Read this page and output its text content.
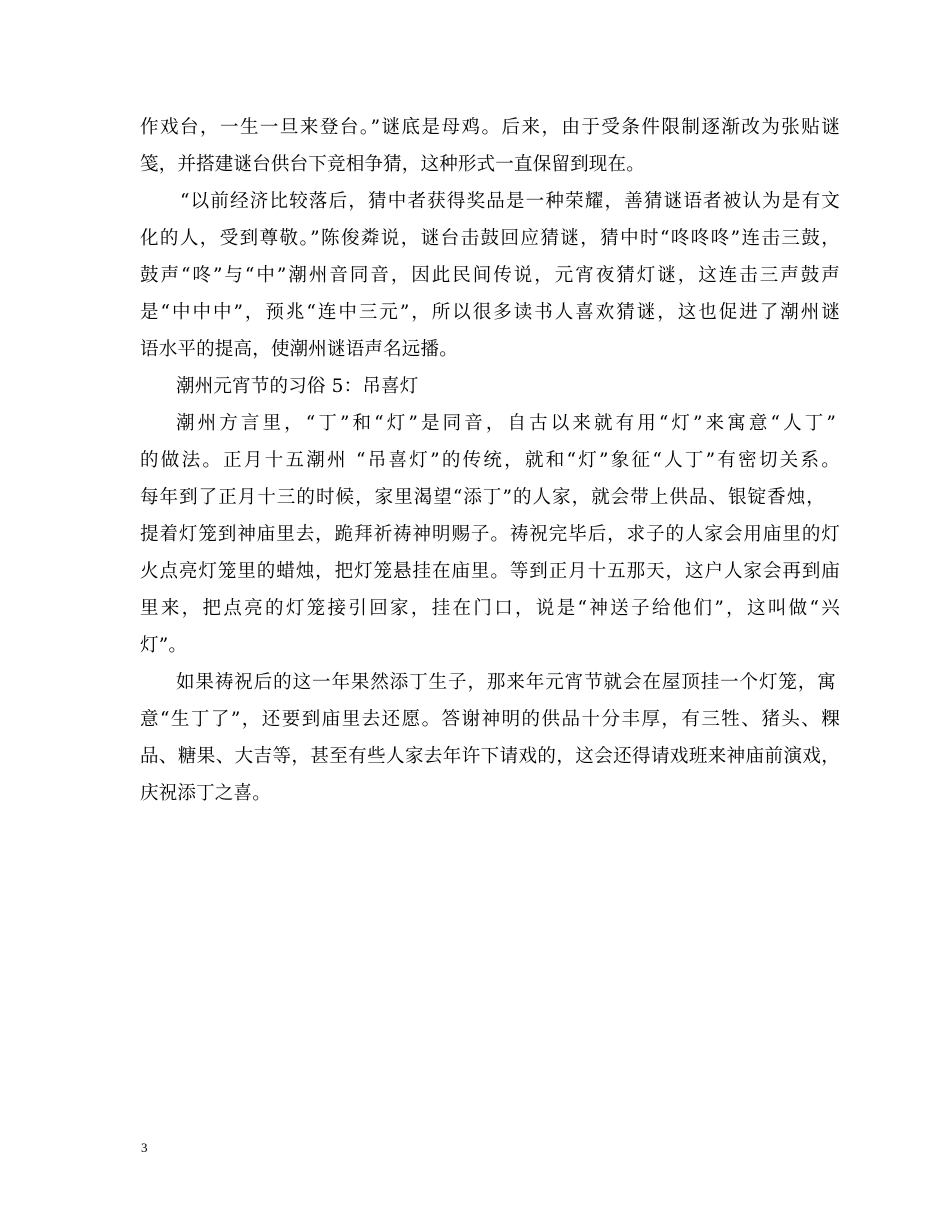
作戏台，一生一旦来登台。”谜底是母鸡。后来，由于受条件限制逐渐改为张贴谜
笺，并搭建谜台供台下竞相争猜，这种形式一直保留到现在。
“以前经济比较落后，猜中者获得奖品是一种荣耀，善猜谜语者被认为是有文
化的人，受到尊敬。”陈俊粦说，谜台击鼓回应猜谜，猜中时“咚咚咚”连击三鼓，
鼓声“咚”与“中”潮州音同音，因此民间传说，元宵夜猜灯谜，这连击三声鼓声
是“中中中”，预兆“连中三元”，所以很多读书人喜欢猜谜，这也促进了潮州谜
语水平的提高，使潮州谜语声名远播。
潮州元宵节的习俗 5：吊喜灯
潮州方言里，“丁”和“灯”是同音，自古以来就有用“灯”来寓意“人丁”
的做法。正月十五潮州 “吊喜灯”的传统，就和“灯”象征“人丁”有密切关系。
每年到了正月十三的时候，家里渴望“添丁”的人家，就会带上供品、银锭香烛，
提着灯笼到神庙里去，跪拜祈祷神明赐子。祷祝完毕后，求子的人家会用庙里的灯
火点亮灯笼里的蜡烛，把灯笼悬挂在庙里。等到正月十五那天，这户人家会再到庙
里来，把点亮的灯笼接引回家，挂在门口，说是“神送子给他们”，这叫做“兴
灯”。
如果祷祝后的这一年果然添丁生子，那来年元宵节就会在屋顶挂一个灯笼，寓
意“生丁了”，还要到庙里去还愿。答谢神明的供品十分丰厚，有三牲、猪头、粿
品、糖果、大吉等，甚至有些人家去年许下请戏的，这会还得请戏班来神庙前演戏，
庆祝添丁之喜。
3
